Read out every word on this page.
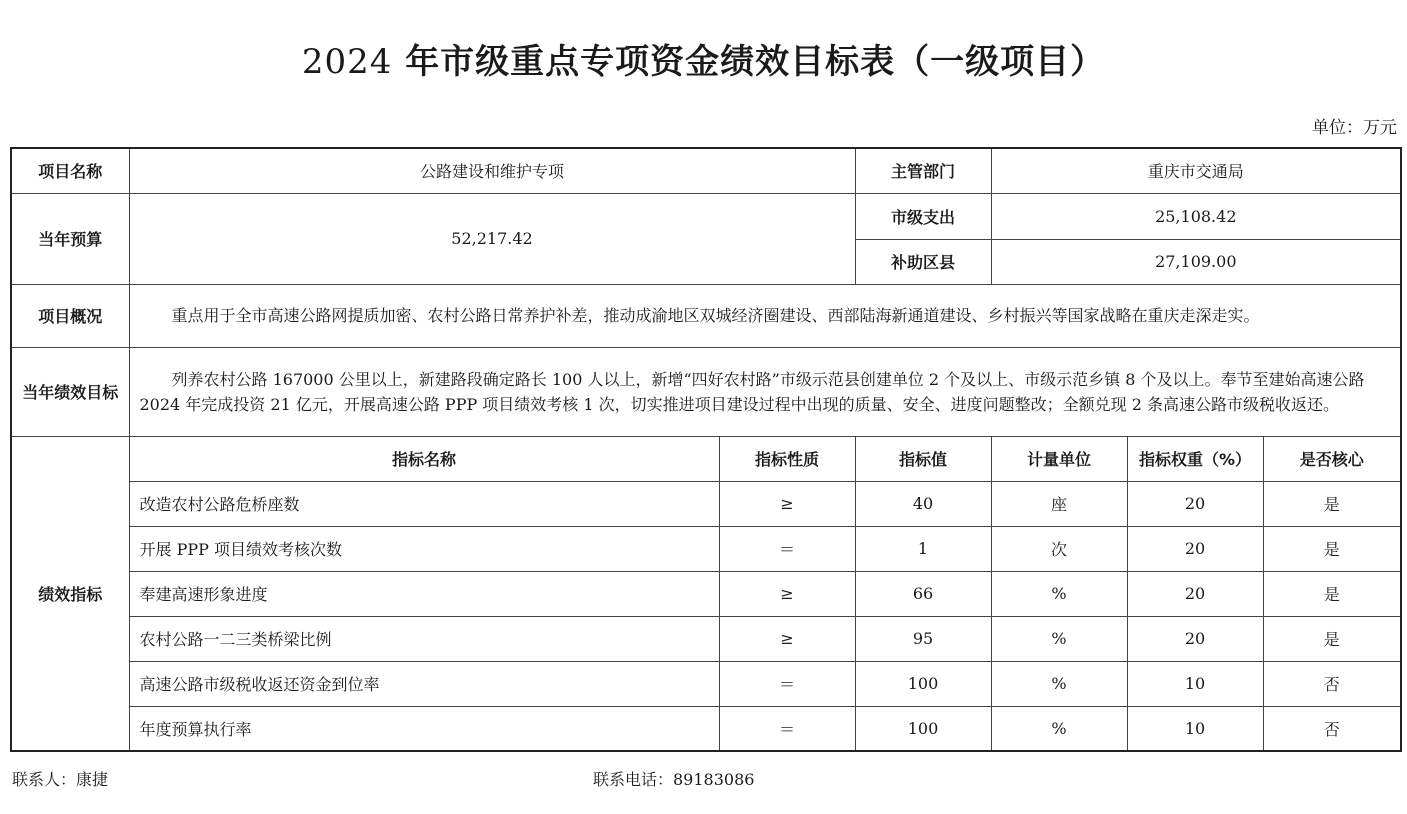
2024 年市级重点专项资金绩效目标表（一级项目）
单位：万元
项目名称	公路建设和维护专项		主管部门	重庆市交通局		
当年预算	52,217.42		市级支出	25,108.42		
			补助区县	27,109.00		
项目概况	重点用于全市高速公路网提质加密、农村公路日常养护补差，推动成渝地区双城经济圈建设、西部陆海新通道建设、乡村振兴等国家战略在重庆走深走实。					
当年绩效目标	列养农村公路 167000 公里以上，新建路段确定路长 100 人以上，新增“四好农村路”市级示范县创建单位 2 个及以上、市级示范乡镇 8 个及以上。奉节至建始高速公路 2024 年完成投资 21 亿元，开展高速公路 PPP 项目绩效考核 1 次，切实推进项目建设过程中出现的质量、安全、进度问题整改；全额兑现 2 条高速公路市级税收返还。					
绩效指标	指标名称	指标性质	指标值	计量单位	指标权重（%）	是否核心
	改造农村公路危桥座数	≥	40	座	20	是
	开展 PPP 项目绩效考核次数	＝	1	次	20	是
	奉建高速形象进度	≥	66	%	20	是
	农村公路一二三类桥梁比例	≥	95	%	20	是
	高速公路市级税收返还资金到位率	＝	100	%	10	否
	年度预算执行率	＝	100	%	10	否
联系人：康捷	联系电话：89183086
